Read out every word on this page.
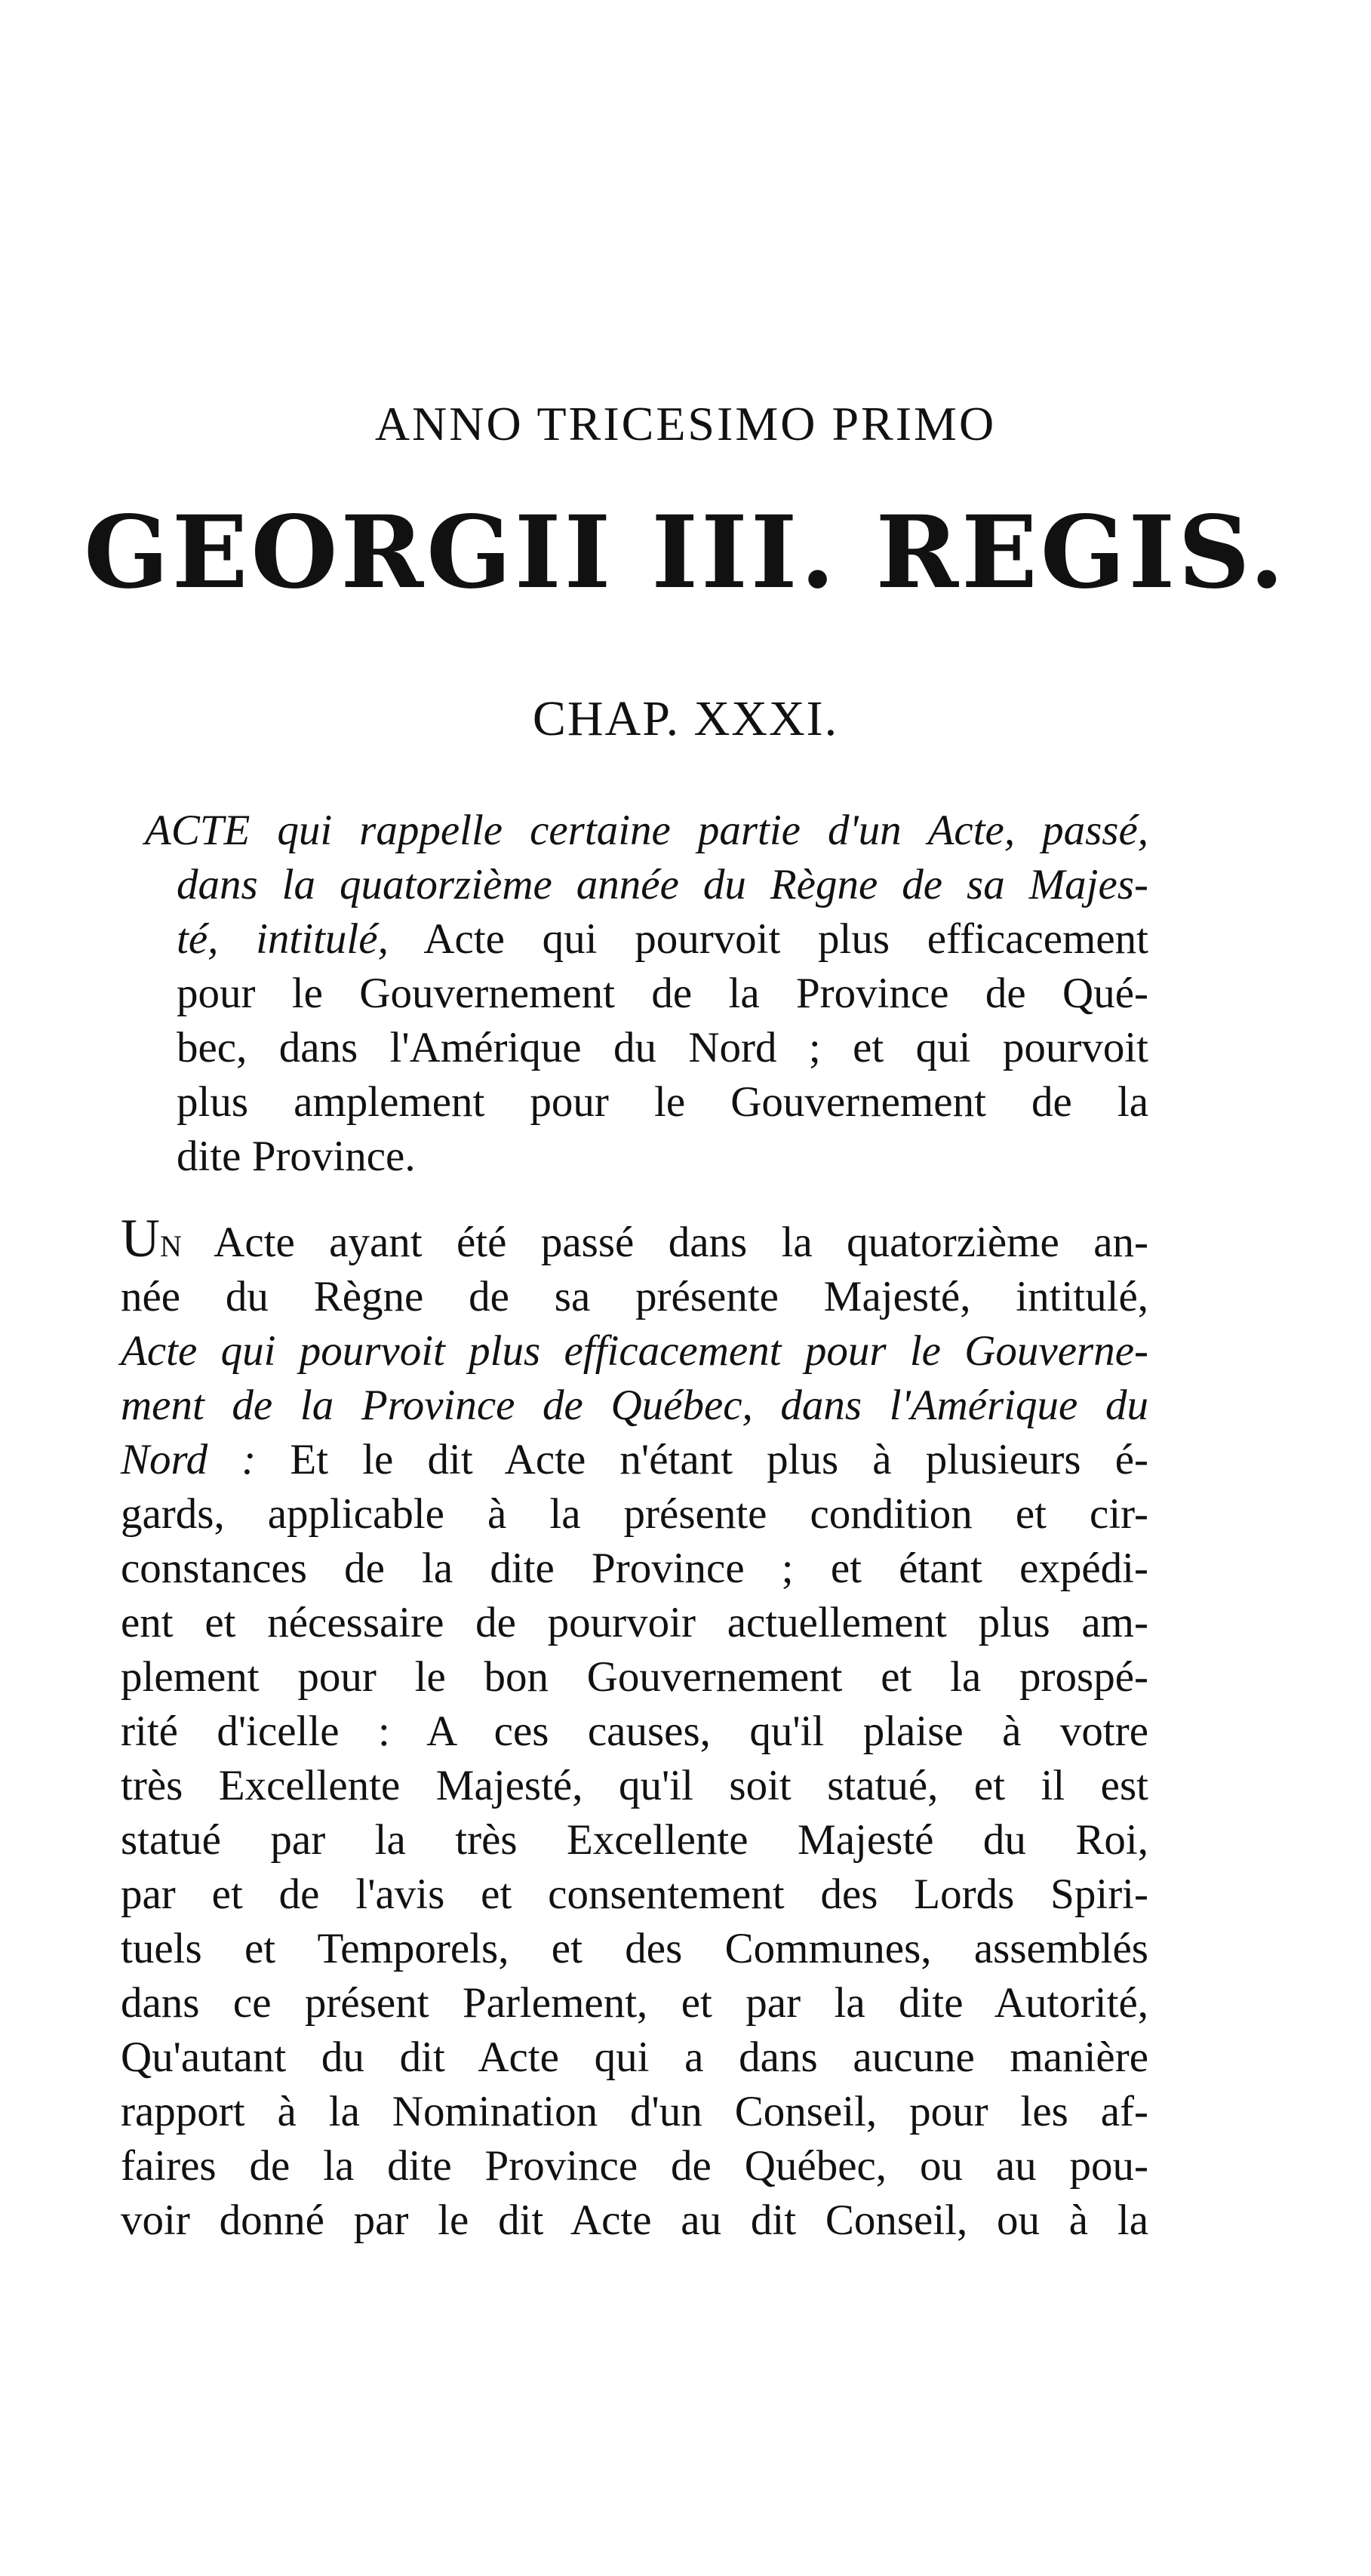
ANNO TRICESIMO PRIMO
GEORGII III. REGIS.
CHAP. XXXI.
ACTE qui rappelle certaine partie d'un Acte, passé,
dans la quatorzième année du Règne de sa Majes-
té, intitulé, Acte qui pourvoit plus efficacement
pour le Gouvernement de la Province de Qué-
bec, dans l'Amérique du Nord ; et qui pourvoit
plus amplement pour le Gouvernement de la
dite Province.
Un Acte ayant été passé dans la quatorzième an-
née du Règne de sa présente Majesté, intitulé,
Acte qui pourvoit plus efficacement pour le Gouverne-
ment de la Province de Québec, dans l'Amérique du
Nord : Et le dit Acte n'étant plus à plusieurs é-
gards, applicable à la présente condition et cir-
constances de la dite Province ; et étant expédi-
ent et nécessaire de pourvoir actuellement plus am-
plement pour le bon Gouvernement et la prospé-
rité d'icelle : A ces causes, qu'il plaise à votre
très Excellente Majesté, qu'il soit statué, et il est
statué par la très Excellente Majesté du Roi,
par et de l'avis et consentement des Lords Spiri-
tuels et Temporels, et des Communes, assemblés
dans ce présent Parlement, et par la dite Autorité,
Qu'autant du dit Acte qui a dans aucune manière
rapport à la Nomination d'un Conseil, pour les af-
faires de la dite Province de Québec, ou au pou-
voir donné par le dit Acte au dit Conseil, ou à la
